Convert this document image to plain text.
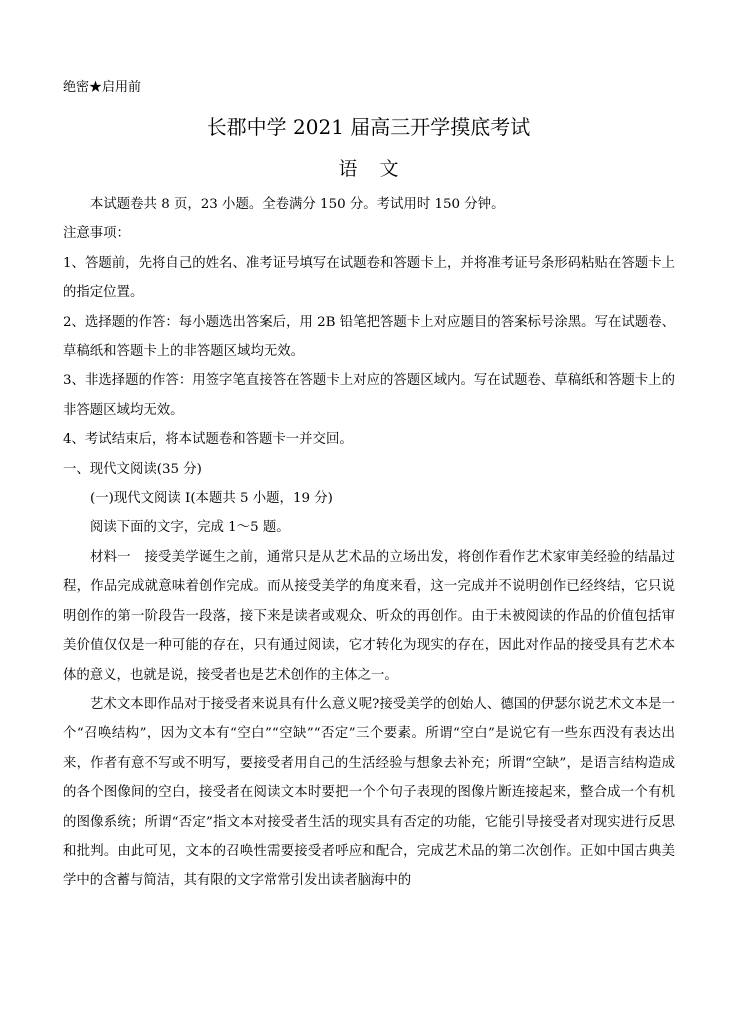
绝密★启用前
长郡中学 2021 届高三开学摸底考试
语文

本试题卷共 8 页，23 小题。全卷满分 150 分。考试用时 150 分钟。

注意事项：

1、答题前，先将自己的姓名、准考证号填写在试题卷和答题卡上，并将准考证号条形码粘贴在答题卡上的指定位置。

2、选择题的作答：每小题选出答案后，用 2B 铅笔把答题卡上对应题目的答案标号涂黑。写在试题卷、草稿纸和答题卡上的非答题区域均无效。

3、非选择题的作答：用签字笔直接答在答题卡上对应的答题区域内。写在试题卷、草稿纸和答题卡上的非答题区域均无效。

4、考试结束后，将本试题卷和答题卡一并交回。

一、现代文阅读(35 分)

(一)现代文阅读 I(本题共 5 小题，19 分)

阅读下面的文字，完成 1～5 题。

材料一　接受美学诞生之前，通常只是从艺术品的立场出发，将创作看作艺术家审美经验的结晶过程，作品完成就意味着创作完成。而从接受美学的角度来看，这一完成并不说明创作已经终结，它只说明创作的第一阶段告一段落，接下来是读者或观众、听众的再创作。由于未被阅读的作品的价值包括审美价值仅仅是一种可能的存在，只有通过阅读，它才转化为现实的存在，因此对作品的接受具有艺术本体的意义，也就是说，接受者也是艺术创作的主体之一。

艺术文本即作品对于接受者来说具有什么意义呢?接受美学的创始人、德国的伊瑟尔说艺术文本是一个“召唤结构”，因为文本有“空白”“空缺”“否定”三个要素。所谓“空白”是说它有一些东西没有表达出来，作者有意不写或不明写，要接受者用自己的生活经验与想象去补充；所谓“空缺”，是语言结构造成的各个图像间的空白，接受者在阅读文本时要把一个个句子表现的图像片断连接起来，整合成一个有机的图像系统；所谓“否定”指文本对接受者生活的现实具有否定的功能，它能引导接受者对现实进行反思和批判。由此可见，文本的召唤性需要接受者呼应和配合，完成艺术品的第二次创作。正如中国古典美学中的含蓄与简洁，其有限的文字常常引发出读者脑海中的
